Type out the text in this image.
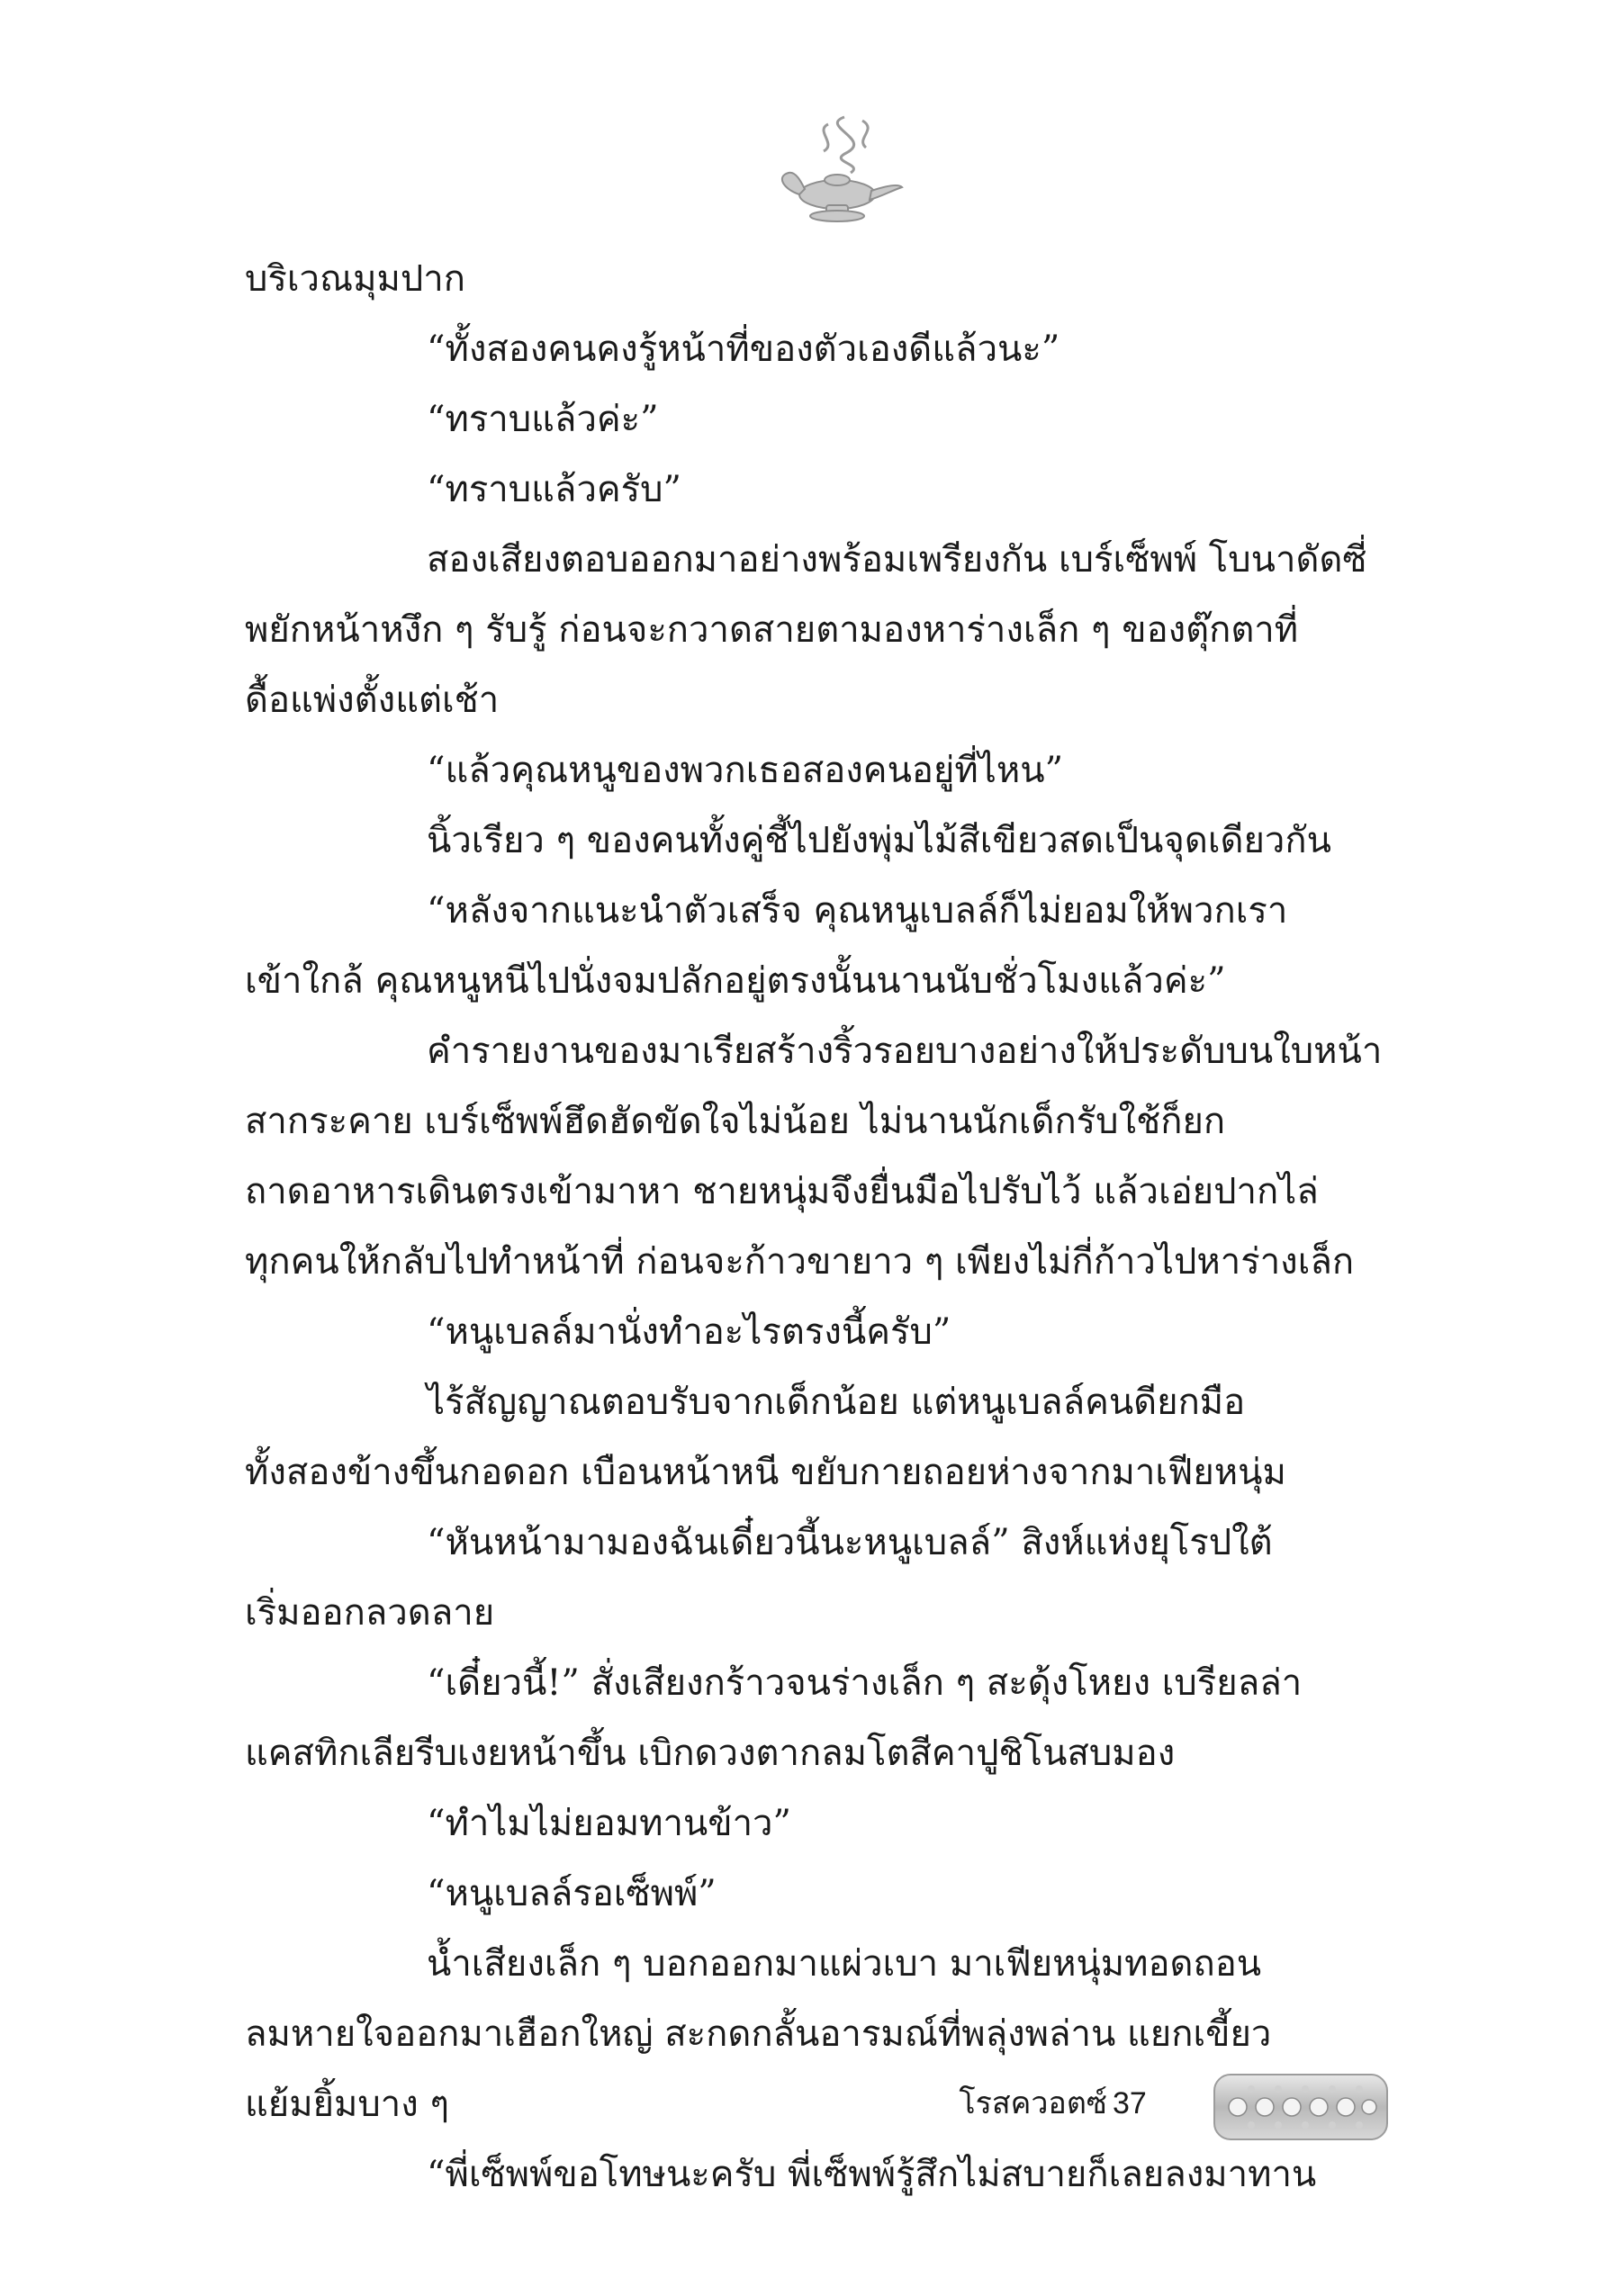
บริเวณมุมปาก
“ทั้งสองคนคงรู้หน้าที่ของตัวเองดีแล้วนะ”
“ทราบแล้วค่ะ”
“ทราบแล้วครับ”
สองเสียงตอบออกมาอย่างพร้อมเพรียงกัน เบร์เซ็พพ์ โบนาดัดซี่
พยักหน้าหงึก ๆ รับรู้ ก่อนจะกวาดสายตามองหาร่างเล็ก ๆ ของตุ๊กตาที่
ดื้อแพ่งตั้งแต่เช้า
“แล้วคุณหนูของพวกเธอสองคนอยู่ที่ไหน”
นิ้วเรียว ๆ ของคนทั้งคู่ชี้ไปยังพุ่มไม้สีเขียวสดเป็นจุดเดียวกัน
“หลังจากแนะนำตัวเสร็จ คุณหนูเบลล์ก็ไม่ยอมให้พวกเรา
เข้าใกล้ คุณหนูหนีไปนั่งจมปลักอยู่ตรงนั้นนานนับชั่วโมงแล้วค่ะ”
คำรายงานของมาเรียสร้างริ้วรอยบางอย่างให้ประดับบนใบหน้า
สากระคาย เบร์เซ็พพ์ฮึดฮัดขัดใจไม่น้อย ไม่นานนักเด็กรับใช้ก็ยก
ถาดอาหารเดินตรงเข้ามาหา ชายหนุ่มจึงยื่นมือไปรับไว้ แล้วเอ่ยปากไล่
ทุกคนให้กลับไปทำหน้าที่ ก่อนจะก้าวขายาว ๆ เพียงไม่กี่ก้าวไปหาร่างเล็ก
“หนูเบลล์มานั่งทำอะไรตรงนี้ครับ”
ไร้สัญญาณตอบรับจากเด็กน้อย แต่หนูเบลล์คนดียกมือ
ทั้งสองข้างขึ้นกอดอก เบือนหน้าหนี ขยับกายถอยห่างจากมาเฟียหนุ่ม
“หันหน้ามามองฉันเดี๋ยวนี้นะหนูเบลล์” สิงห์แห่งยุโรปใต้
เริ่มออกลวดลาย
“เดี๋ยวนี้!” สั่งเสียงกร้าวจนร่างเล็ก ๆ สะดุ้งโหยง เบรียลล่า
แคสทิกเลียรีบเงยหน้าขึ้น เบิกดวงตากลมโตสีคาปูชิโนสบมอง
“ทำไมไม่ยอมทานข้าว”
“หนูเบลล์รอเซ็พพ์”
น้ำเสียงเล็ก ๆ บอกออกมาแผ่วเบา มาเฟียหนุ่มทอดถอน
ลมหายใจออกมาเฮือกใหญ่ สะกดกลั้นอารมณ์ที่พลุ่งพล่าน แยกเขี้ยว
แย้มยิ้มบาง ๆ
“พี่เซ็พพ์ขอโทษนะครับ พี่เซ็พพ์รู้สึกไม่สบายก็เลยลงมาทาน
โรสควอตซ์ 37
